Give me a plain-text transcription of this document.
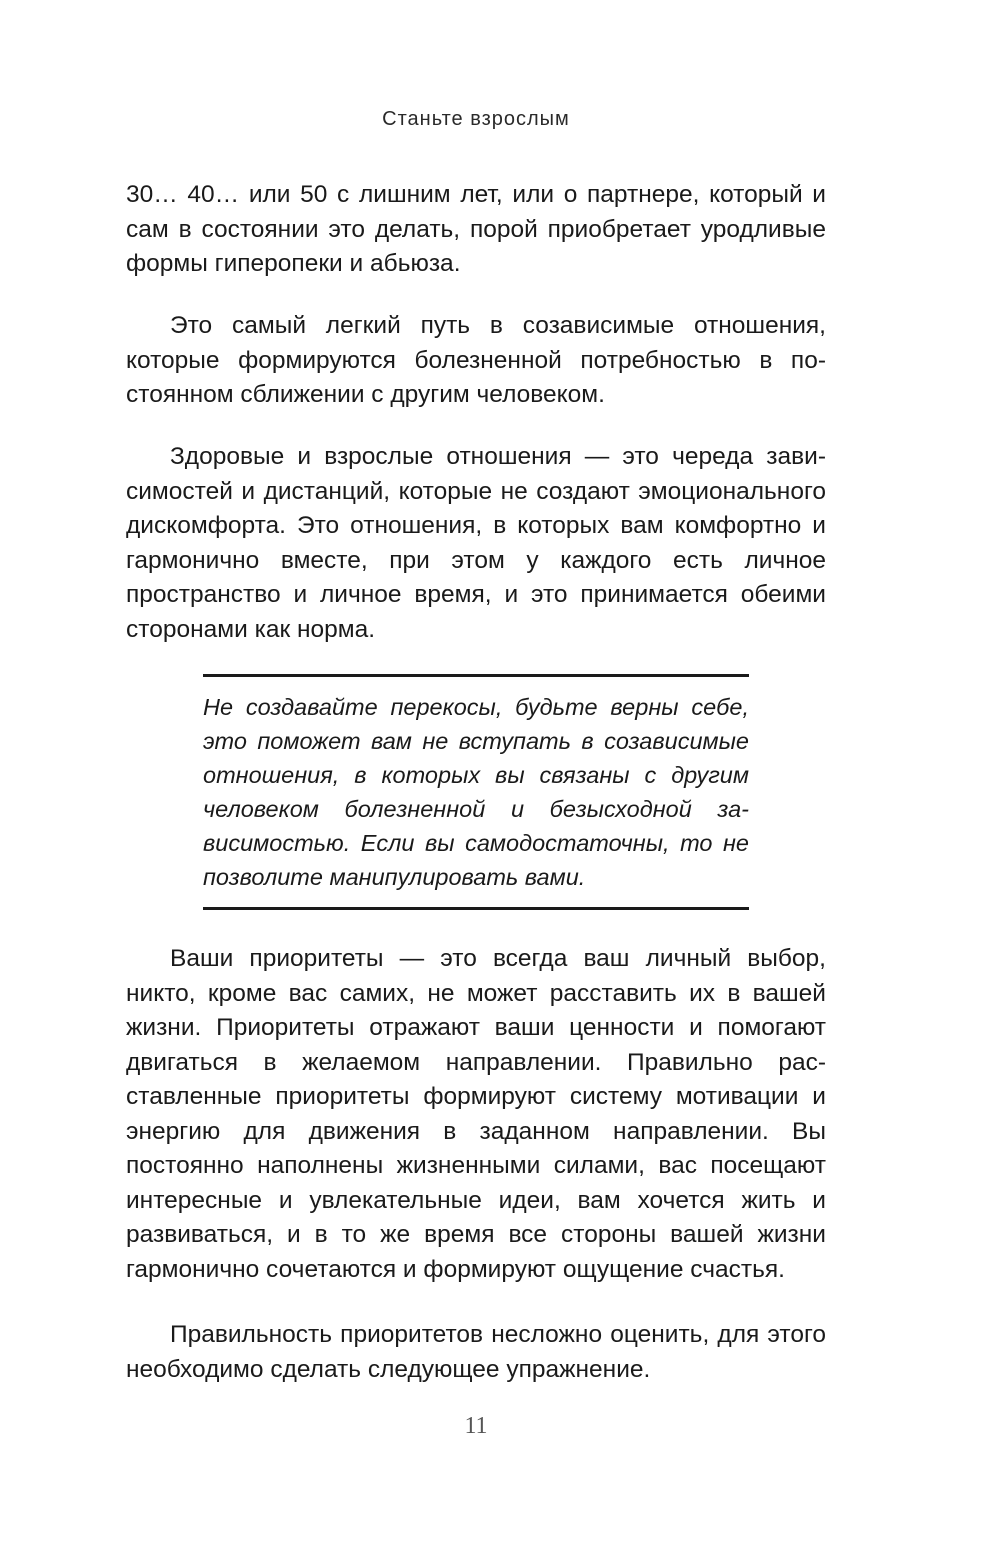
Станьте взрослым

30… 40… или 50 с лишним лет, или о партнере, который и сам в состоянии это делать, порой приобретает уродливые формы гиперопеки и абьюза.

Это самый легкий путь в созависимые отношения, которые формируются болезненной потребностью в постоянном сближении с другим человеком.

Здоровые и взрослые отношения — это череда зависимостей и дистанций, которые не создают эмоционального дискомфорта. Это отношения, в которых вам комфортно и гармонично вместе, при этом у каждого есть личное пространство и личное время, и это принимается обеими сторонами как норма.

Не создавайте перекосы, будьте верны себе, это поможет вам не вступать в созависимые отношения, в которых вы связаны с другим человеком болезненной и безысходной зависимостью. Если вы самодостаточны, то не позволите манипулировать вами.

Ваши приоритеты — это всегда ваш личный выбор, никто, кроме вас самих, не может расставить их в вашей жизни. Приоритеты отражают ваши ценности и помогают двигаться в желаемом направлении. Правильно расставленные приоритеты формируют систему мотивации и энергию для движения в заданном направлении. Вы постоянно наполнены жизненными силами, вас посещают интересные и увлекательные идеи, вам хочется жить и развиваться, и в то же время все стороны вашей жизни гармонично сочетаются и формируют ощущение счастья.

Правильность приоритетов несложно оценить, для этого необходимо сделать следующее упражнение.

11
